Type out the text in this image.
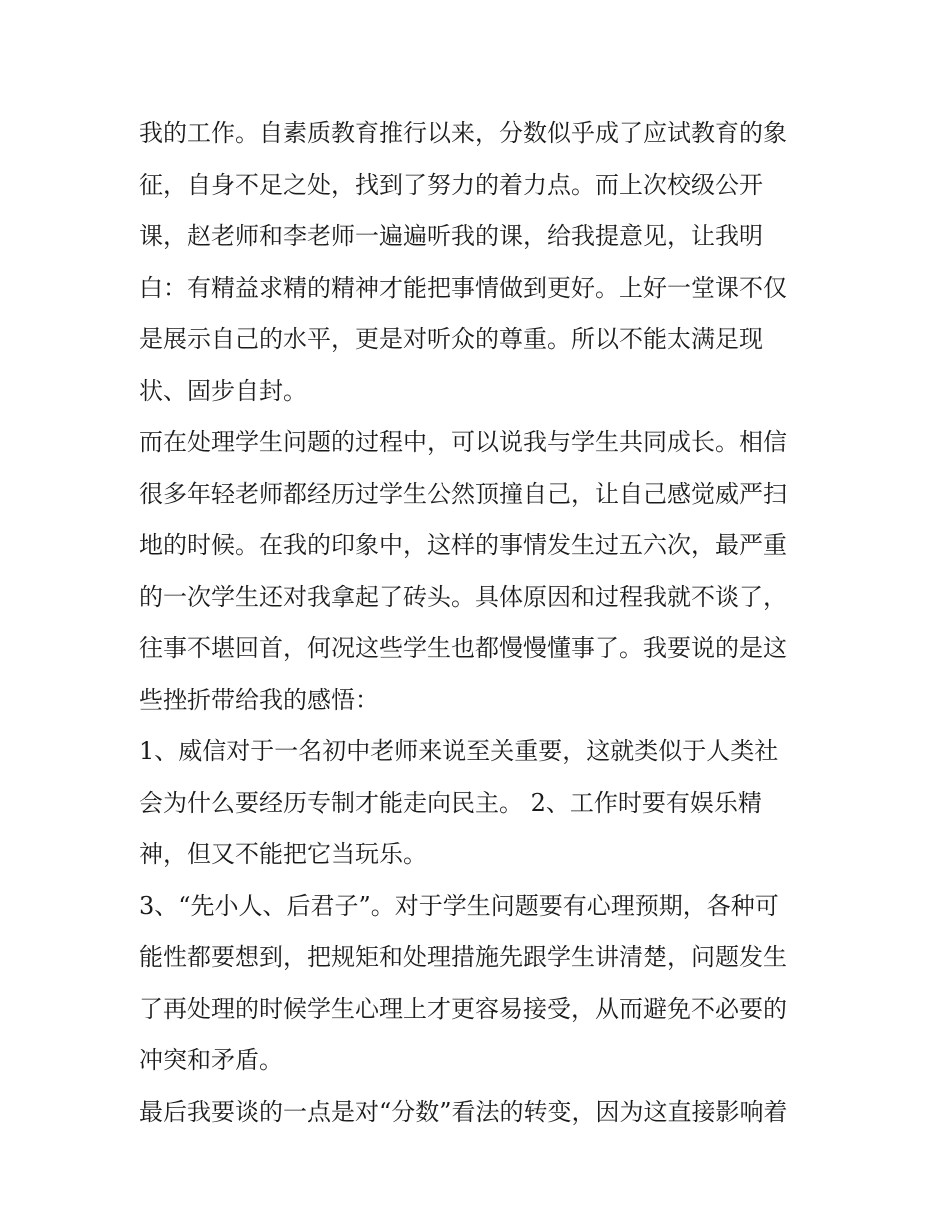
我的工作。自素质教育推行以来，分数似乎成了应试教育的象
征，自身不足之处，找到了努力的着力点。而上次校级公开
课，赵老师和李老师一遍遍听我的课，给我提意见，让我明
白：有精益求精的精神才能把事情做到更好。上好一堂课不仅
是展示自己的水平，更是对听众的尊重。所以不能太满足现
状、固步自封。
而在处理学生问题的过程中，可以说我与学生共同成长。相信
很多年轻老师都经历过学生公然顶撞自己，让自己感觉威严扫
地的时候。在我的印象中，这样的事情发生过五六次，最严重
的一次学生还对我拿起了砖头。具体原因和过程我就不谈了，
往事不堪回首，何况这些学生也都慢慢懂事了。我要说的是这
些挫折带给我的感悟：
1、威信对于一名初中老师来说至关重要，这就类似于人类社
会为什么要经历专制才能走向民主。 2、工作时要有娱乐精
神，但又不能把它当玩乐。
3、“先小人、后君子”。对于学生问题要有心理预期，各种可
能性都要想到，把规矩和处理措施先跟学生讲清楚，问题发生
了再处理的时候学生心理上才更容易接受，从而避免不必要的
冲突和矛盾。
最后我要谈的一点是对“分数”看法的转变，因为这直接影响着
